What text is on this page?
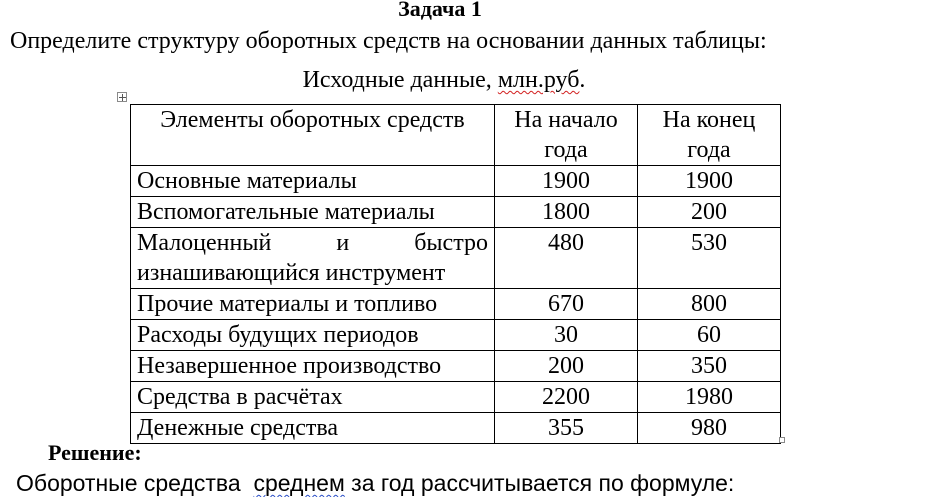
Задача 1
Определите структуру оборотных средств на основании данных таблицы:
Исходные данные, млн.руб.
Элементы оборотных средств	На начало года	На конец года
Основные материалы	1900	1900
Вспомогательные материалы	1800	200

Малоценный и быстро
изнашивающийся инструмент	480	530
Прочие материалы и топливо	670	800
Расходы будущих периодов	30	60
Незавершенное производство	200	350
Средства в расчётах	2200	1980
Денежные средства	355	980
Решение:
Оборотные средства  среднем за год рассчитывается по формуле:
